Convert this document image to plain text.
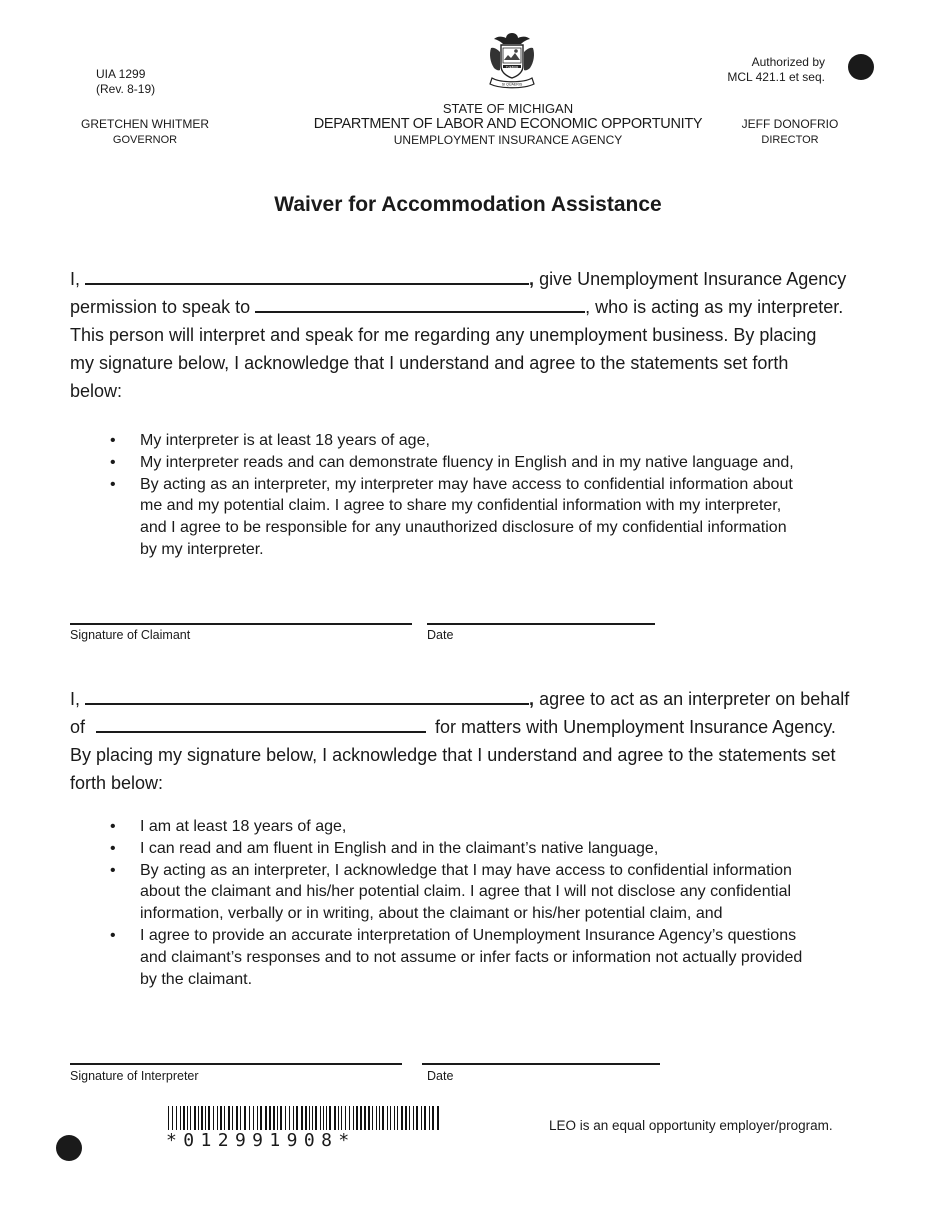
UIA 1299
(Rev. 8-19)
GRETCHEN WHITMER
GOVERNOR
Authorized by
MCL 421.1 et seq.
JEFF DONOFRIO
DIRECTOR
TUEBOR
SI QUAERIS
STATE OF MICHIGAN
DEPARTMENT OF LABOR AND ECONOMIC OPPORTUNITY
UNEMPLOYMENT INSURANCE AGENCY
Waiver for Accommodation Assistance
I,	, give Unemployment Insurance Agency
permission to speak to	, who is acting as my interpreter.
This person will interpret and speak for me regarding any unemployment business. By placing
my signature below, I acknowledge that I understand and agree to the statements set forth
below:
• My interpreter is at least 18 years of age,
• My interpreter reads and can demonstrate fluency in English and in my native language and,
• By acting as an interpreter, my interpreter may have access to confidential information about
me and my potential claim. I agree to share my confidential information with my interpreter,
and I agree to be responsible for any unauthorized disclosure of my confidential information
by my interpreter.
Signature of Claimant	Date
I,	, agree to act as an interpreter on behalf
of	for matters with Unemployment Insurance Agency.
By placing my signature below, I acknowledge that I understand and agree to the statements set
forth below:
• I am at least 18 years of age,
• I can read and am fluent in English and in the claimant’s native language,
• By acting as an interpreter, I acknowledge that I may have access to confidential information
about the claimant and his/her potential claim. I agree that I will not disclose any confidential
information, verbally or in writing, about the claimant or his/her potential claim, and
• I agree to provide an accurate interpretation of Unemployment Insurance Agency’s questions
and claimant’s responses and to not assume or infer facts or information not actually provided
by the claimant.
Signature of Interpreter	Date
*012991908*
LEO is an equal opportunity employer/program.
